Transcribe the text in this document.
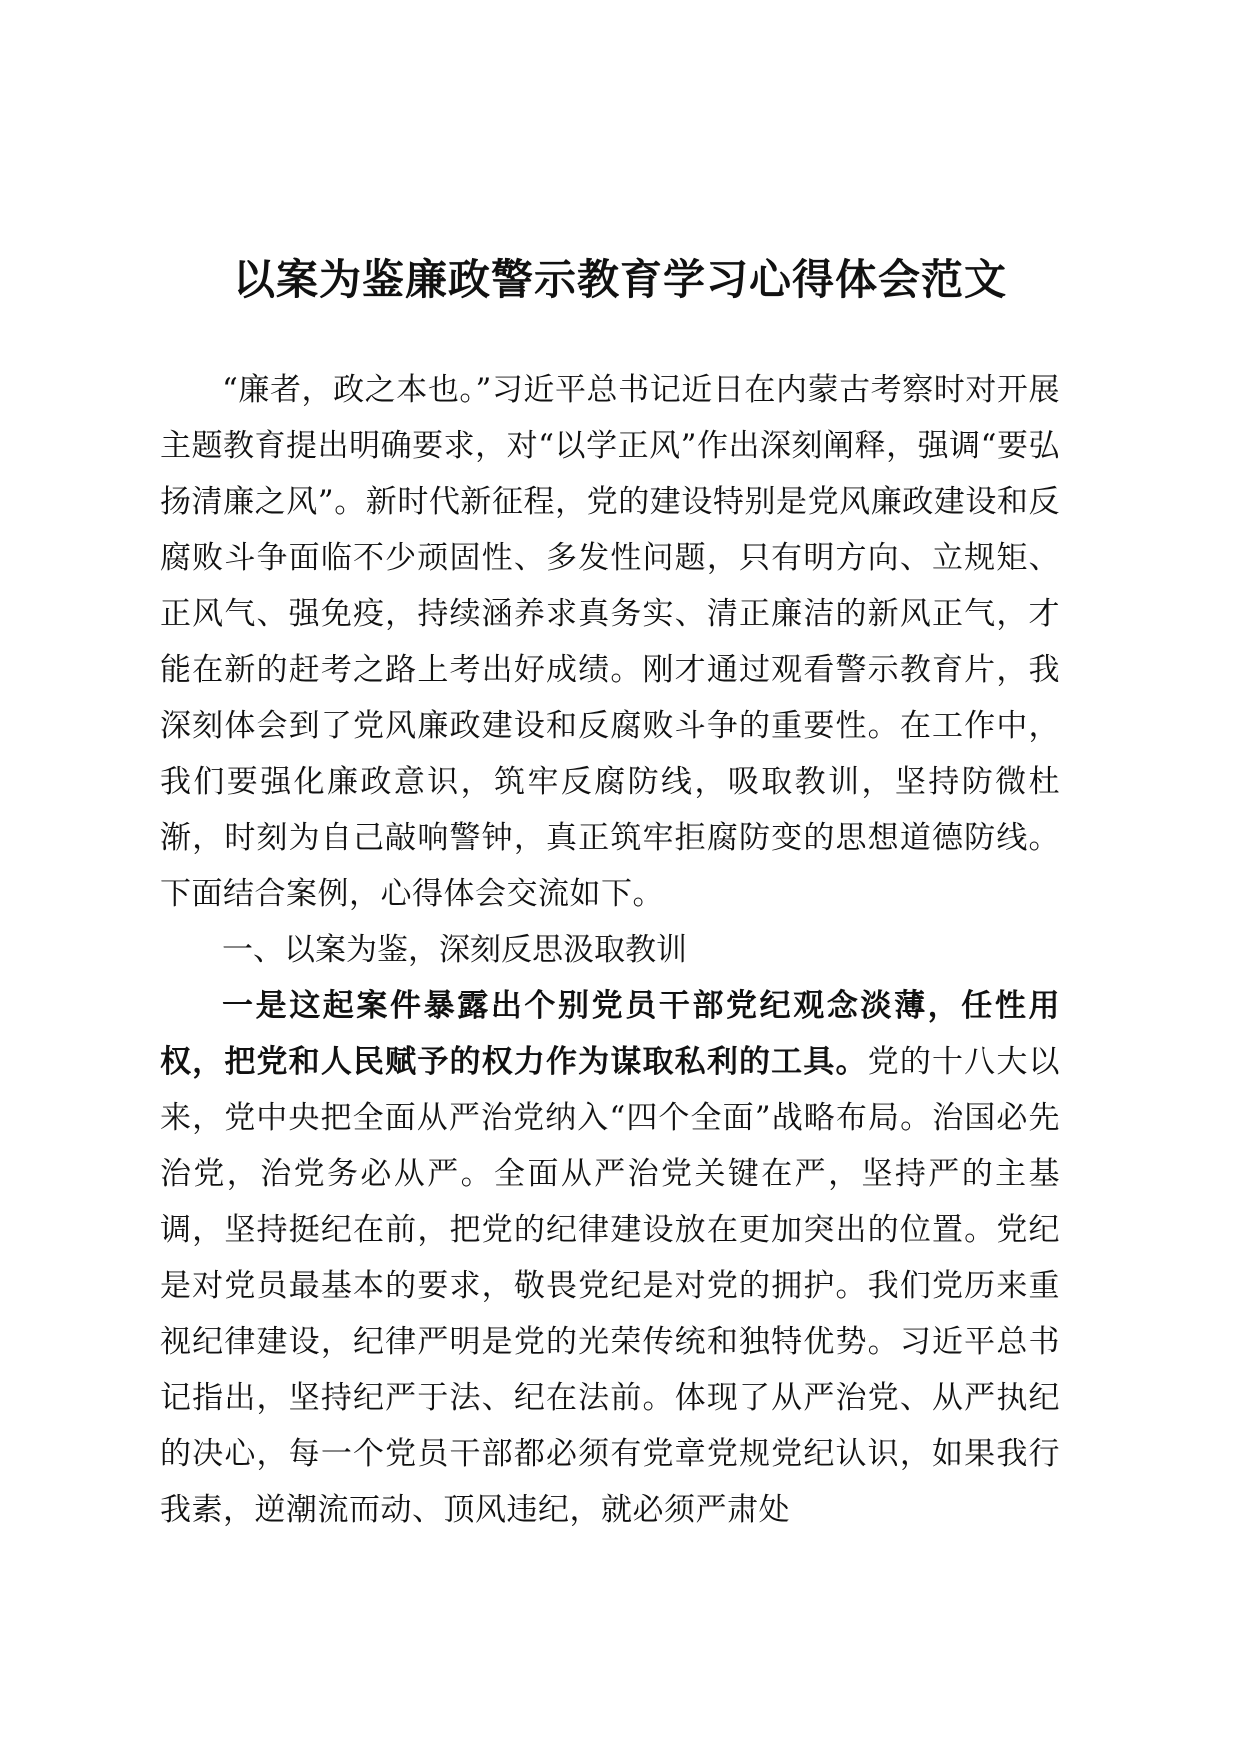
以案为鉴廉政警示教育学习心得体会范文

“廉者，政之本也。”习近平总书记近日在内蒙古考察时对开展主题教育提出明确要求，对“以学正风”作出深刻阐释，强调“要弘扬清廉之风”。新时代新征程，党的建设特别是党风廉政建设和反腐败斗争面临不少顽固性、多发性问题，只有明方向、立规矩、正风气、强免疫，持续涵养求真务实、清正廉洁的新风正气，才能在新的赶考之路上考出好成绩。刚才通过观看警示教育片，我深刻体会到了党风廉政建设和反腐败斗争的重要性。在工作中，我们要强化廉政意识，筑牢反腐防线，吸取教训，坚持防微杜渐，时刻为自己敲响警钟，真正筑牢拒腐防变的思想道德防线。下面结合案例，心得体会交流如下。

一、以案为鉴，深刻反思汲取教训

一是这起案件暴露出个别党员干部党纪观念淡薄，任性用权，把党和人民赋予的权力作为谋取私利的工具。党的十八大以来，党中央把全面从严治党纳入“四个全面”战略布局。治国必先治党，治党务必从严。全面从严治党关键在严，坚持严的主基调，坚持挺纪在前，把党的纪律建设放在更加突出的位置。党纪是对党员最基本的要求，敬畏党纪是对党的拥护。我们党历来重视纪律建设，纪律严明是党的光荣传统和独特优势。习近平总书记指出，坚持纪严于法、纪在法前。体现了从严治党、从严执纪的决心，每一个党员干部都必须有党章党规党纪认识，如果我行我素，逆潮流而动、顶风违纪，就必须严肃处
